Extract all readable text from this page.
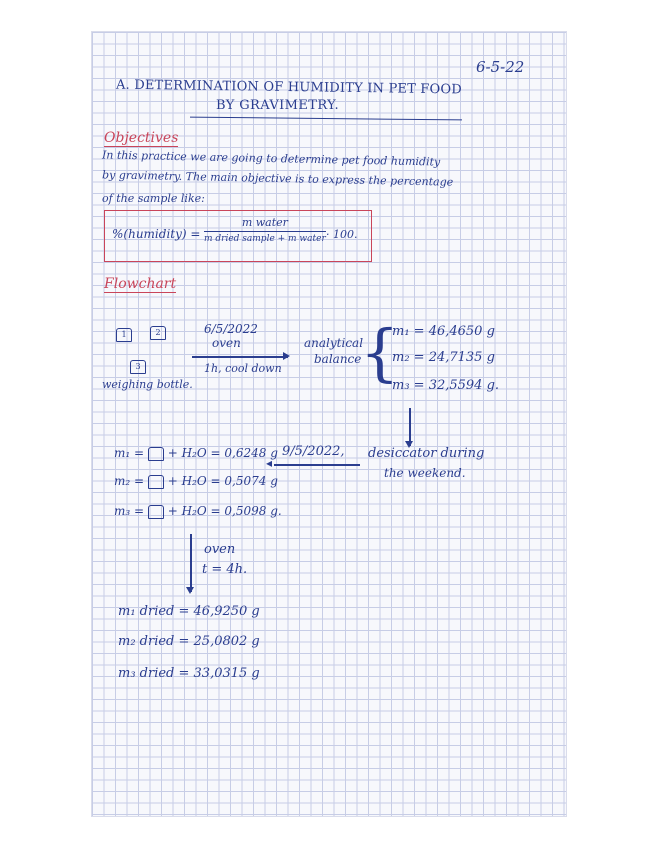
6-5-22
A. DETERMINATION OF HUMIDITY IN PET FOOD
BY GRAVIMETRY.
Objectives
In this practice we are going to determine pet food humidity
by gravimetry. The main objective is to express the percentage
of the sample like:
%(humidity) = $\frac{\text{m water}}{\text{m dried sample + m water}} \cdot 100$.
Flowchart
1	2
3
weighing bottle.
6/5/2022
oven
1h, cool down
analytical
balance
{
m₁ = 46,4650 g
m₂ = 24,7135 g
m₃ = 32,5594 g.
m₁ = + H₂O = 0,6248 g
m₂ = + H₂O = 0,5074 g
m₃ = + H₂O = 0,5098 g.
9/5/2022,
◂
desiccator during
the weekend.
oven
t = 4h.
m₁ dried = 46,9250 g
m₂ dried = 25,0802 g
m₃ dried = 33,0315 g
